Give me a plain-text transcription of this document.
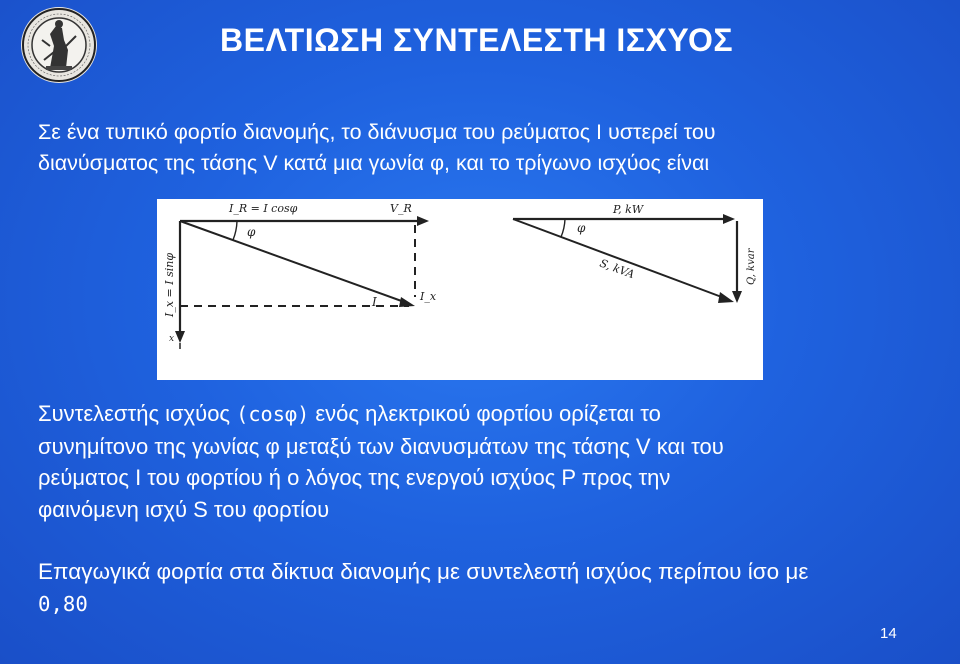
ΒΕΛΤΙΩΣΗ ΣΥΝΤΕΛΕΣΤΗ ΙΣΧΥΟΣ
Σε ένα τυπικό φορτίο διανομής, το διάνυσμα του ρεύματος I υστερεί του
διανύσματος της τάσης V κατά μια γωνία φ, και το τρίγωνο ισχύος είναι
I_R = I cosφ	V_R
φ
I	I_x
x
I_x = I sinφ
P, kW
φ
S, kVA	Q, kvar
Συντελεστής ισχύος (cosφ) ενός ηλεκτρικού φορτίου ορίζεται το
συνημίτονο της γωνίας φ μεταξύ των διανυσμάτων της τάσης V και του
ρεύματος I του φορτίου ή ο λόγος της ενεργού ισχύος P προς την
φαινόμενη ισχύ S του φορτίου
Επαγωγικά φορτία στα δίκτυα διανομής με συντελεστή ισχύος περίπου ίσο με
0,80
14
